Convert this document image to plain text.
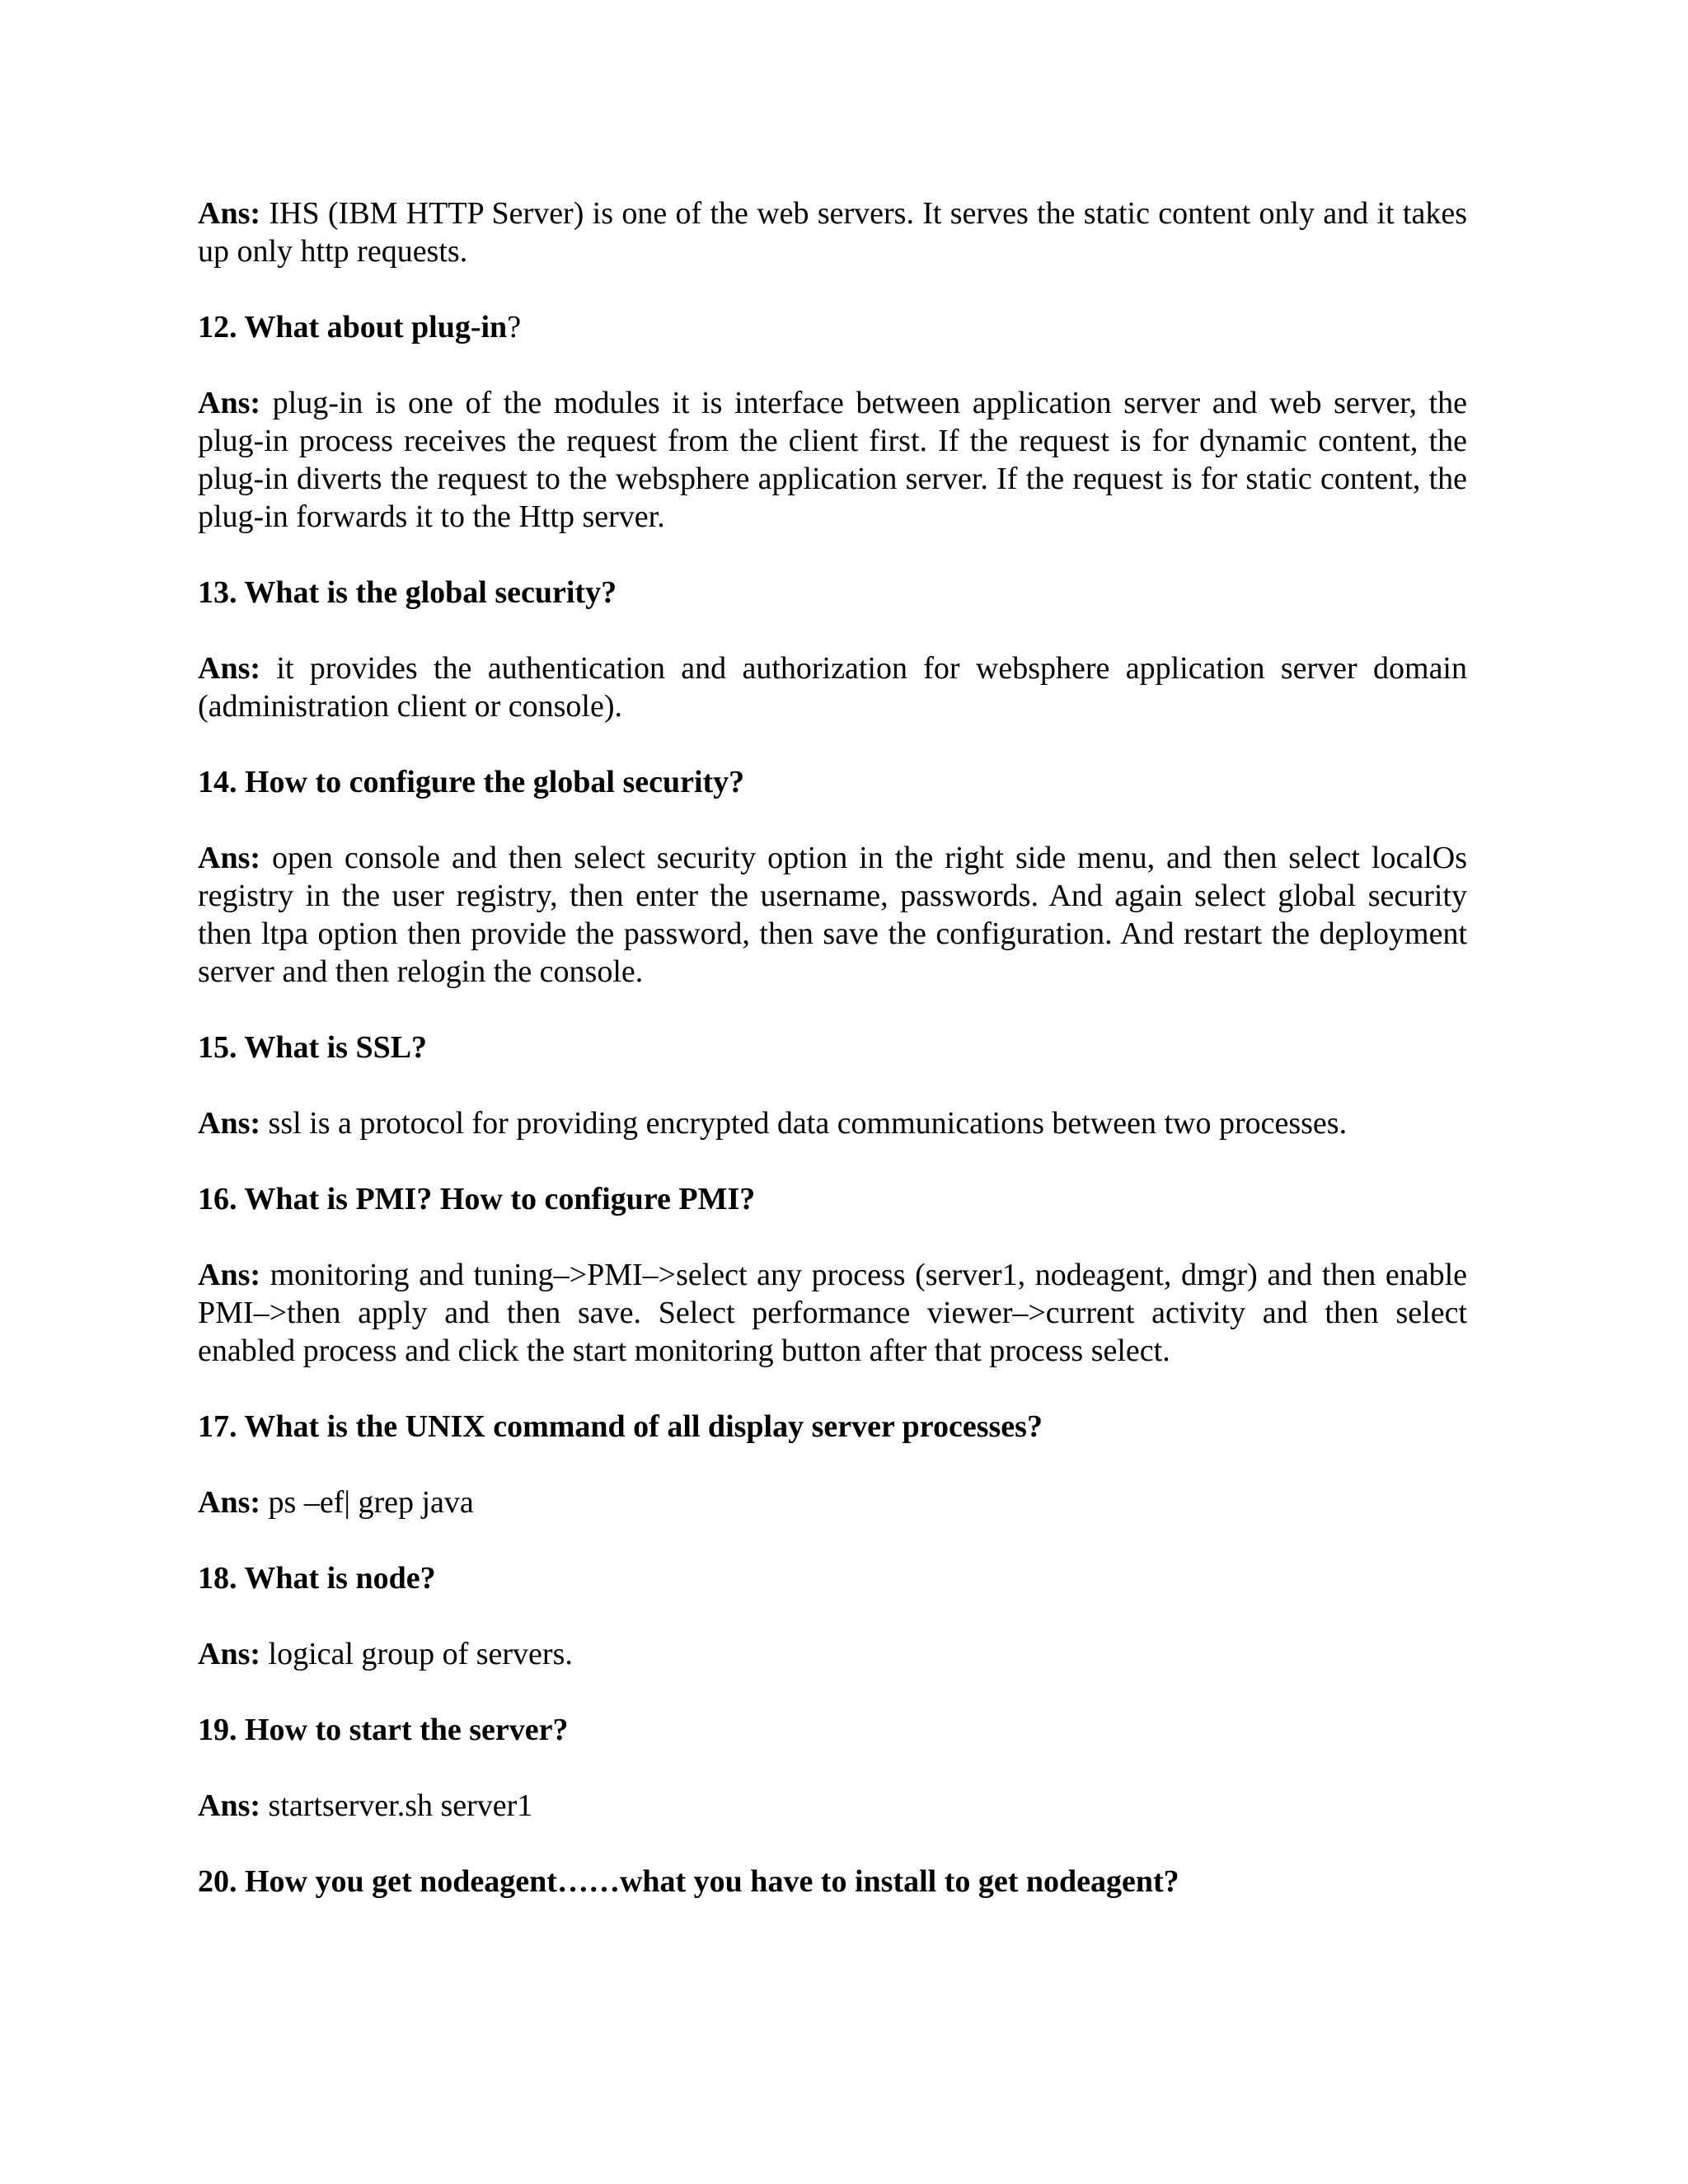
Ans: IHS (IBM HTTP Server) is one of the web servers. It serves the static content only and it takes up only http requests.

12. What about plug-in?

Ans: plug-in is one of the modules it is interface between application server and web server, the plug-in process receives the request from the client first. If the request is for dynamic content, the plug-in diverts the request to the websphere application server. If the request is for static content, the plug-in forwards it to the Http server.

13. What is the global security?

Ans: it provides the authentication and authorization for websphere application server domain (administration client or console).

14. How to configure the global security?

Ans: open console and then select security option in the right side menu, and then select localOs registry in the user registry, then enter the username, passwords. And again select global security then ltpa option then provide the password, then save the configuration. And restart the deployment server and then relogin the console.

15. What is SSL?

Ans: ssl is a protocol for providing encrypted data communications between two processes.

16. What is PMI? How to configure PMI?

Ans: monitoring and tuning–>PMI–>select any process (server1, nodeagent, dmgr) and then enable PMI–>then apply and then save. Select performance viewer–>current activity and then select enabled process and click the start monitoring button after that process select.

17. What is the UNIX command of all display server processes?

Ans: ps –ef| grep java

18. What is node?

Ans: logical group of servers.

19. How to start the server?

Ans: startserver.sh server1

20. How you get nodeagent……what you have to install to get nodeagent?
